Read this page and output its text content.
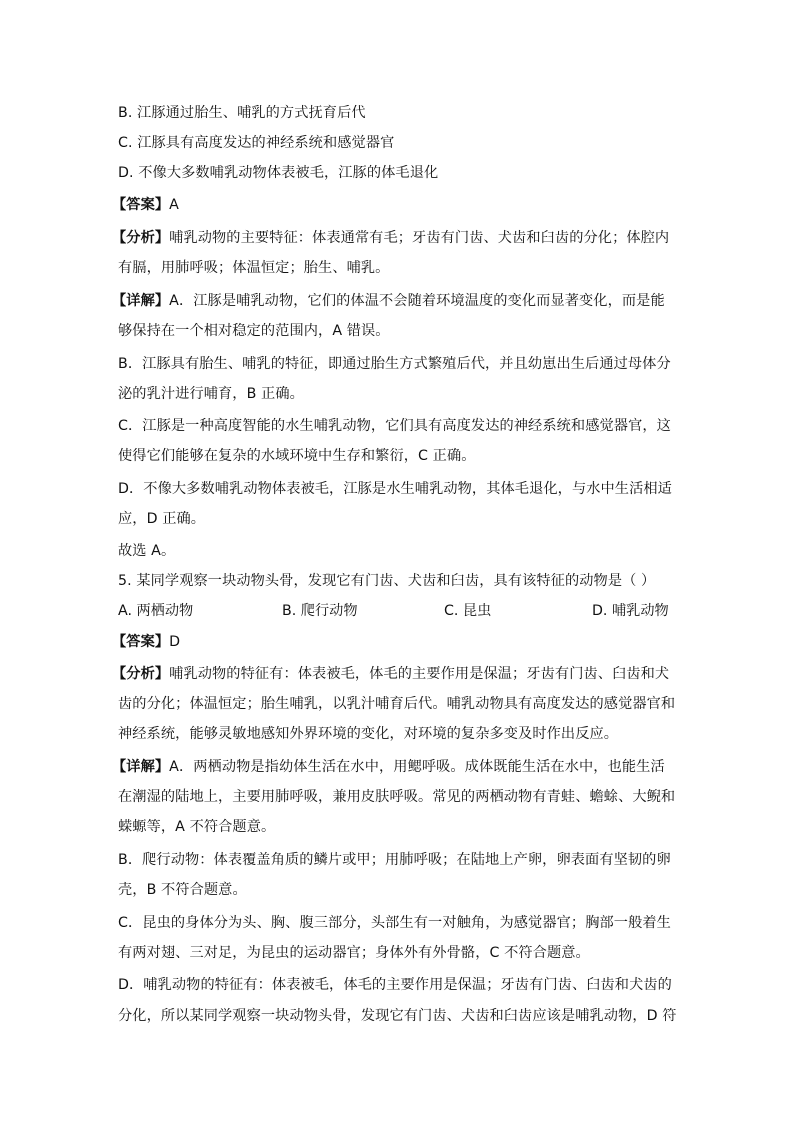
B. 江豚通过胎生、哺乳的方式抚育后代
C. 江豚具有高度发达的神经系统和感觉器官
D. 不像大多数哺乳动物体表被毛，江豚的体毛退化
【答案】A
【分析】哺乳动物的主要特征：体表通常有毛；牙齿有门齿、犬齿和臼齿的分化；体腔内
有膈，用肺呼吸；体温恒定；胎生、哺乳。
【详解】A．江豚是哺乳动物，它们的体温不会随着环境温度的变化而显著变化，而是能
够保持在一个相对稳定的范围内，A 错误。
B．江豚具有胎生、哺乳的特征，即通过胎生方式繁殖后代，并且幼崽出生后通过母体分
泌的乳汁进行哺育，B 正确。
C．江豚是一种高度智能的水生哺乳动物，它们具有高度发达的神经系统和感觉器官，这
使得它们能够在复杂的水域环境中生存和繁衍，C 正确。
D．不像大多数哺乳动物体表被毛，江豚是水生哺乳动物，其体毛退化，与水中生活相适
应，D 正确。
故选 A。
5. 某同学观察一块动物头骨，发现它有门齿、犬齿和臼齿，具有该特征的动物是（ ）
A. 两栖动物	B. 爬行动物	C. 昆虫	D. 哺乳动物
【答案】D
【分析】哺乳动物的特征有：体表被毛，体毛的主要作用是保温；牙齿有门齿、臼齿和犬
齿的分化；体温恒定；胎生哺乳，以乳汁哺育后代。哺乳动物具有高度发达的感觉器官和
神经系统，能够灵敏地感知外界环境的变化，对环境的复杂多变及时作出反应。
【详解】A．两栖动物是指幼体生活在水中，用鳃呼吸。成体既能生活在水中，也能生活
在潮湿的陆地上，主要用肺呼吸，兼用皮肤呼吸。常见的两栖动物有青蛙、蟾蜍、大鲵和
蝾螈等，A 不符合题意。
B．爬行动物：体表覆盖角质的鳞片或甲；用肺呼吸；在陆地上产卵，卵表面有坚韧的卵
壳，B 不符合题意。
C．昆虫的身体分为头、胸、腹三部分，头部生有一对触角，为感觉器官；胸部一般着生
有两对翅、三对足，为昆虫的运动器官；身体外有外骨骼，C 不符合题意。
D．哺乳动物的特征有：体表被毛，体毛的主要作用是保温；牙齿有门齿、臼齿和犬齿的
分化，所以某同学观察一块动物头骨，发现它有门齿、犬齿和臼齿应该是哺乳动物，D 符
